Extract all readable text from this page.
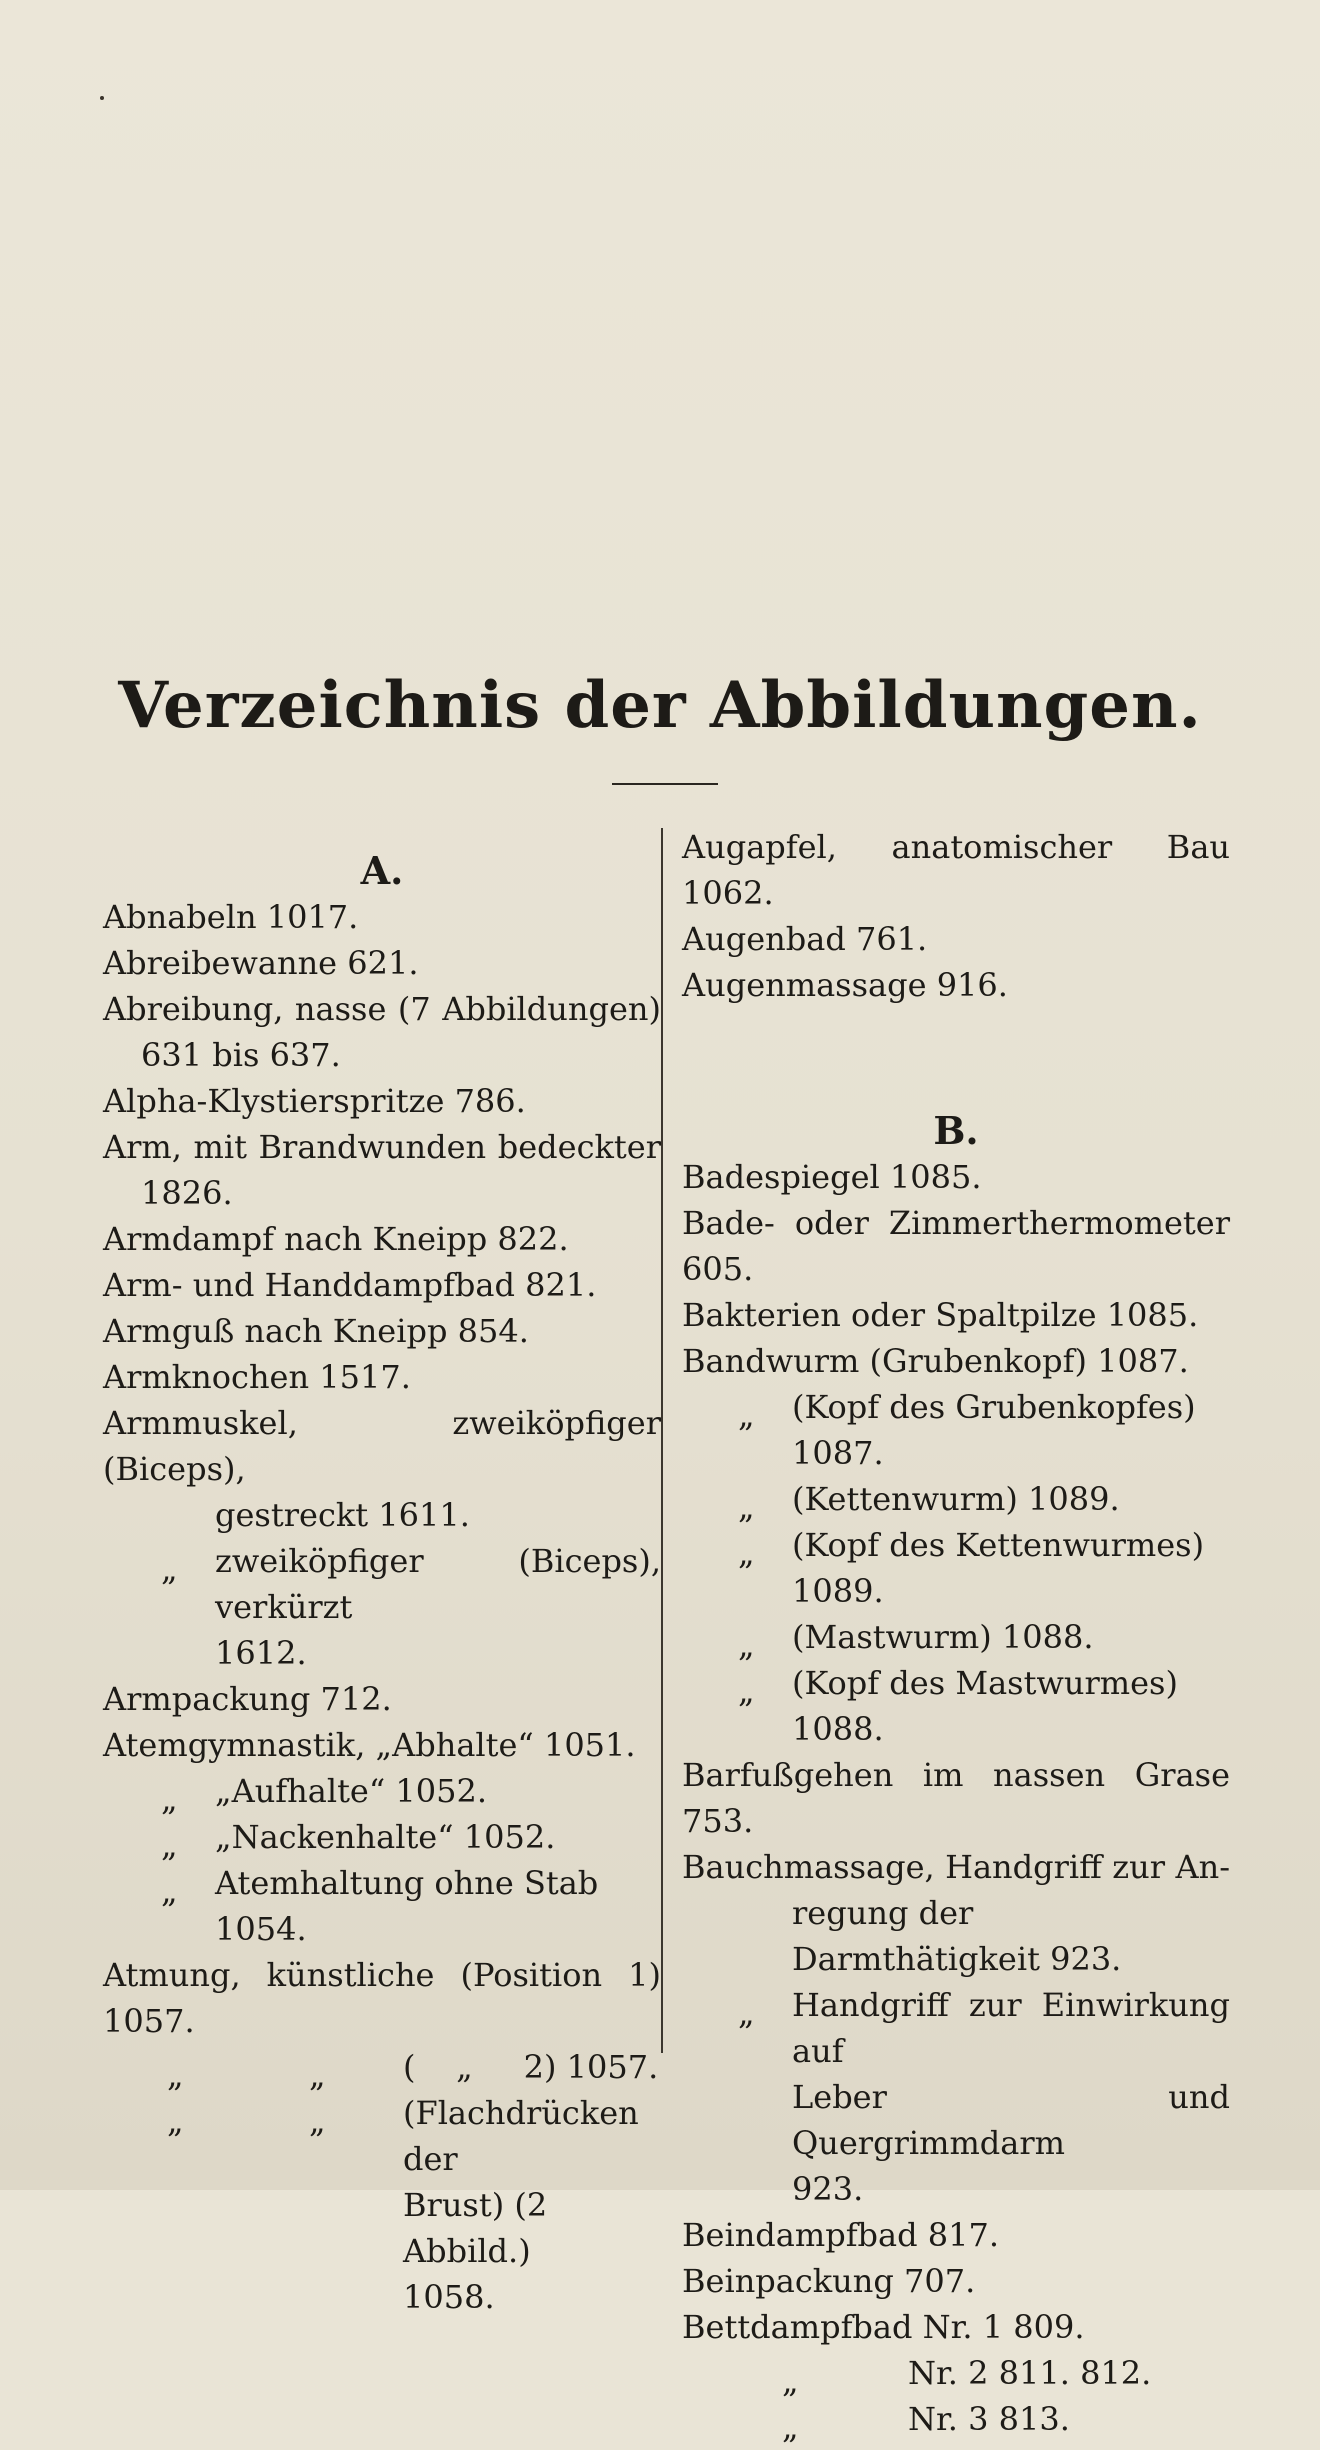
Verzeichnis der Abbildungen.
A.
Abnabeln 1017.
Abreibewanne 621.
Abreibung, nasse (7 Abbildungen)
631 bis 637.
Alpha-Klystierspritze 786.
Arm, mit Brandwunden bedeckter
1826.
Armdampf nach Kneipp 822.
Arm- und Handdampfbad 821.
Armguß nach Kneipp 854.
Armknochen 1517.
Armmuskel, zweiköpfiger (Biceps),
gestreckt 1611.
„ zweiköpfiger (Biceps), verkürzt
1612.
Armpackung 712.
Atemgymnastik, „Abhalte“ 1051.
„ „Aufhalte“ 1052.
„ „Nackenhalte“ 1052.
„ Atemhaltung ohne Stab 1054.
Atmung, künstliche (Position 1) 1057.
„	„ (    „     2) 1057.
„	„ (Flachdrücken der
Brust) (2 Abbild.)
1058.
Augapfel, anatomischer Bau 1062.
Augenbad 761.
Augenmassage 916.
B.
Badespiegel 1085.
Bade- oder Zimmerthermometer 605.
Bakterien oder Spaltpilze 1085.
Bandwurm (Grubenkopf) 1087.
„ (Kopf des Grubenkopfes) 1087.
„ (Kettenwurm) 1089.
„ (Kopf des Kettenwurmes) 1089.
„ (Mastwurm) 1088.
„ (Kopf des Mastwurmes) 1088.
Barfußgehen im nassen Grase 753.
Bauchmassage, Handgriff zur An-
regung der Darmthätigkeit 923.
„ Handgriff zur Einwirkung auf
Leber und Quergrimmdarm
923.
Beindampfbad 817.
Beinpackung 707.
Bettdampfbad Nr. 1 809.
„	Nr. 2 811. 812.
„	Nr. 3 813.
